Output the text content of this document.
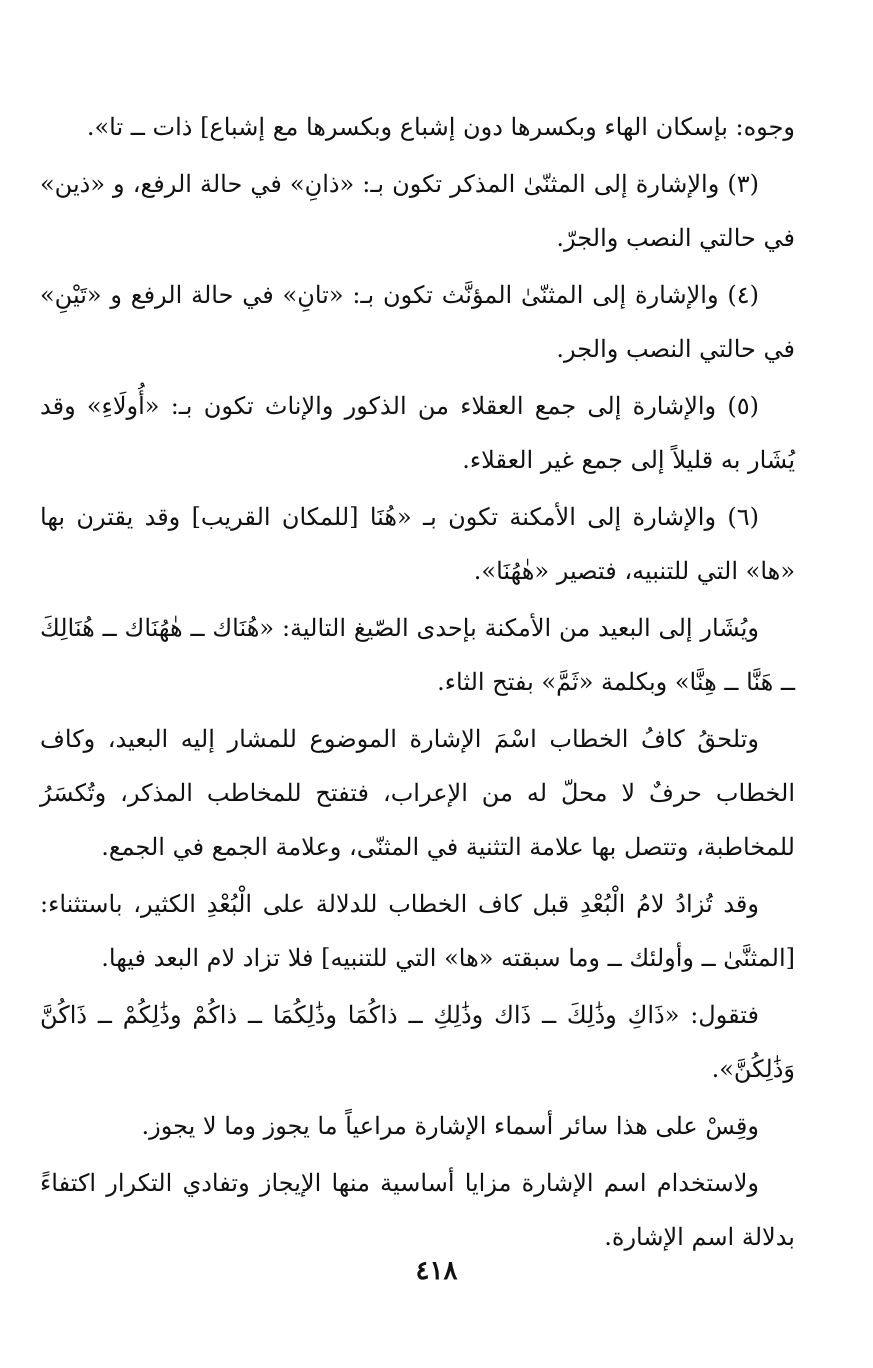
وجوه: بإسكان الهاء وبكسرها دون إشباع وبكسرها مع إشباع] ذات ــ تا».

(٣) والإشارة إلى المثنّىٰ المذكر تكون بـ: «ذانِ» في حالة الرفع، و «ذين» في حالتي النصب والجرّ.

(٤) والإشارة إلى المثنّىٰ المؤنَّث تكون بـ: «تانِ» في حالة الرفع و «تَيْنِ» في حالتي النصب والجر.

(٥) والإشارة إلى جمع العقلاء من الذكور والإناث تكون بـ: «أُولَاءِ» وقد يُشَار به قليلاً إلى جمع غير العقلاء.

(٦) والإشارة إلى الأمكنة تكون بـ «هُنَا [للمكان القريب] وقد يقترن بها «ها» التي للتنبيه، فتصير «هٰهُنَا».

ويُشَار إلى البعيد من الأمكنة بإحدى الصّيغ التالية: «هُنَاك ــ هٰهُنَاك ــ هُنَالِكَ ــ هَنَّا ــ هِنَّا» وبكلمة «ثَمَّ» بفتح الثاء.

وتلحقُ كافُ الخطاب اسْمَ الإشارة الموضوع للمشار إليه البعيد، وكاف الخطاب حرفٌ لا محلّ له من الإعراب، فتفتح للمخاطب المذكر، وتُكسَرُ للمخاطبة، وتتصل بها علامة التثنية في المثنّى، وعلامة الجمع في الجمع.

وقد تُزادُ لامُ الْبُعْدِ قبل كاف الخطاب للدلالة على الْبُعْدِ الكثير، باستثناء: [المثنَّىٰ ــ وأولئك ــ وما سبقته «ها» التي للتنبيه] فلا تزاد لام البعد فيها.

فتقول: «ذَاكِ وذَٰلِكَ ــ ذَاك وذَٰلِكِ ــ ذاكُمَا وذَٰلِكُمَا ــ ذاكُمْ وذَٰلِكُمْ ــ ذَاكُنَّ وَذَٰلِكُنَّ».

وقِسْ على هذا سائر أسماء الإشارة مراعياً ما يجوز وما لا يجوز.

ولاستخدام اسم الإشارة مزايا أساسية منها الإيجاز وتفادي التكرار اكتفاءً بدلالة اسم الإشارة.

٤١٨
